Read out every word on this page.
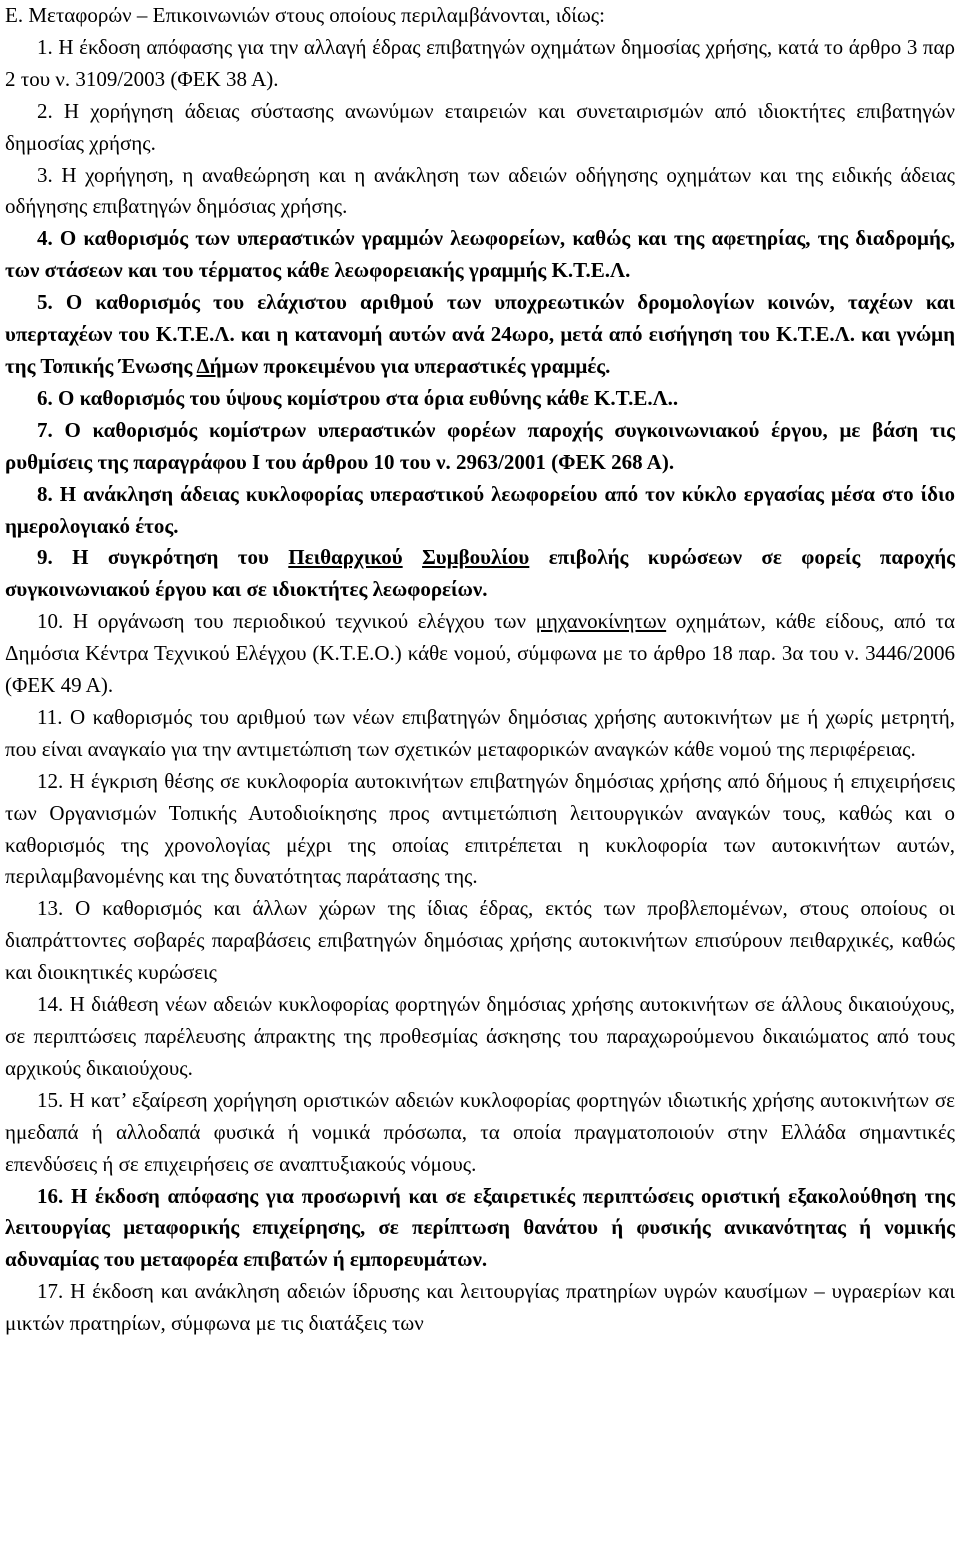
Ε. Μεταφορών – Επικοινωνιών στους οποίους περιλαμβάνονται, ιδίως:

1. Η έκδοση απόφασης για την αλλαγή έδρας επιβατηγών οχημάτων δημοσίας χρήσης, κατά το άρθρο 3 παρ 2 του ν. 3109/2003 (ΦΕΚ 38 Α).

2. Η χορήγηση άδειας σύστασης ανωνύμων εταιρειών και συνεταιρισμών από ιδιοκτήτες επιβατηγών δημοσίας χρήσης.

3. Η χορήγηση, η αναθεώρηση και η ανάκληση των αδειών οδήγησης οχημάτων και της ειδικής άδειας οδήγησης επιβατηγών δημόσιας χρήσης.

4. Ο καθορισμός των υπεραστικών γραμμών λεωφορείων, καθώς και της αφετηρίας, της διαδρομής, των στάσεων και του τέρματος κάθε λεωφορειακής γραμμής Κ.Τ.Ε.Λ.

5. Ο καθορισμός του ελάχιστου αριθμού των υποχρεωτικών δρομολογίων κοινών, ταχέων και υπερταχέων του Κ.Τ.Ε.Λ. και η κατανομή αυτών ανά 24ωρο, μετά από εισήγηση του Κ.Τ.Ε.Λ. και γνώμη της Τοπικής Ένωσης Δήμων προκειμένου για υπεραστικές γραμμές.

6. Ο καθορισμός του ύψους κομίστρου στα όρια ευθύνης κάθε Κ.Τ.Ε.Λ..

7. Ο καθορισμός κομίστρων υπεραστικών φορέων παροχής συγκοινωνιακού έργου, με βάση τις ρυθμίσεις της παραγράφου Ι του άρθρου 10 του ν. 2963/2001 (ΦΕΚ 268 Α).

8. Η ανάκληση άδειας κυκλοφορίας υπεραστικού λεωφορείου από τον κύκλο εργασίας μέσα στο ίδιο ημερολογιακό έτος.

9. Η συγκρότηση του Πειθαρχικού Συμβουλίου επιβολής κυρώσεων σε φορείς παροχής συγκοινωνιακού έργου και σε ιδιοκτήτες λεωφορείων.

10. Η οργάνωση του περιοδικού τεχνικού ελέγχου των μηχανοκίνητων οχημάτων, κάθε είδους, από τα Δημόσια Κέντρα Τεχνικού Ελέγχου (Κ.Τ.Ε.Ο.) κάθε νομού, σύμφωνα με το άρθρο 18 παρ. 3α του ν. 3446/2006 (ΦΕΚ 49 Α).

11. Ο καθορισμός του αριθμού των νέων επιβατηγών δημόσιας χρήσης αυτοκινήτων με ή χωρίς μετρητή, που είναι αναγκαίο για την αντιμετώπιση των σχετικών μεταφορικών αναγκών κάθε νομού της περιφέρειας.

12. Η έγκριση θέσης σε κυκλοφορία αυτοκινήτων επιβατηγών δημόσιας χρήσης από δήμους ή επιχειρήσεις των Οργανισμών Τοπικής Αυτοδιοίκησης προς αντιμετώπιση λειτουργικών αναγκών τους, καθώς και ο καθορισμός της χρονολογίας μέχρι της οποίας επιτρέπεται η κυκλοφορία των αυτοκινήτων αυτών, περιλαμβανομένης και της δυνατότητας παράτασης της.

13. Ο καθορισμός και άλλων χώρων της ίδιας έδρας, εκτός των προβλεπομένων, στους οποίους οι διαπράττοντες σοβαρές παραβάσεις επιβατηγών δημόσιας χρήσης αυτοκινήτων επισύρουν πειθαρχικές, καθώς και διοικητικές κυρώσεις

14. Η διάθεση νέων αδειών κυκλοφορίας φορτηγών δημόσιας χρήσης αυτοκινήτων σε άλλους δικαιούχους, σε περιπτώσεις παρέλευσης άπρακτης της προθεσμίας άσκησης του παραχωρούμενου δικαιώματος από τους αρχικούς δικαιούχους.

15. Η κατ’ εξαίρεση χορήγηση οριστικών αδειών κυκλοφορίας φορτηγών ιδιωτικής χρήσης αυτοκινήτων σε ημεδαπά ή αλλοδαπά φυσικά ή νομικά πρόσωπα, τα οποία πραγματοποιούν στην Ελλάδα σημαντικές επενδύσεις ή σε επιχειρήσεις σε αναπτυξιακούς νόμους.

16. Η έκδοση απόφασης για προσωρινή και σε εξαιρετικές περιπτώσεις οριστική εξακολούθηση της λειτουργίας μεταφορικής επιχείρησης, σε περίπτωση θανάτου ή φυσικής ανικανότητας ή νομικής αδυναμίας του μεταφορέα επιβατών ή εμπορευμάτων.

17. Η έκδοση και ανάκληση αδειών ίδρυσης και λειτουργίας πρατηρίων υγρών καυσίμων – υγραερίων και μικτών πρατηρίων, σύμφωνα με τις διατάξεις των
